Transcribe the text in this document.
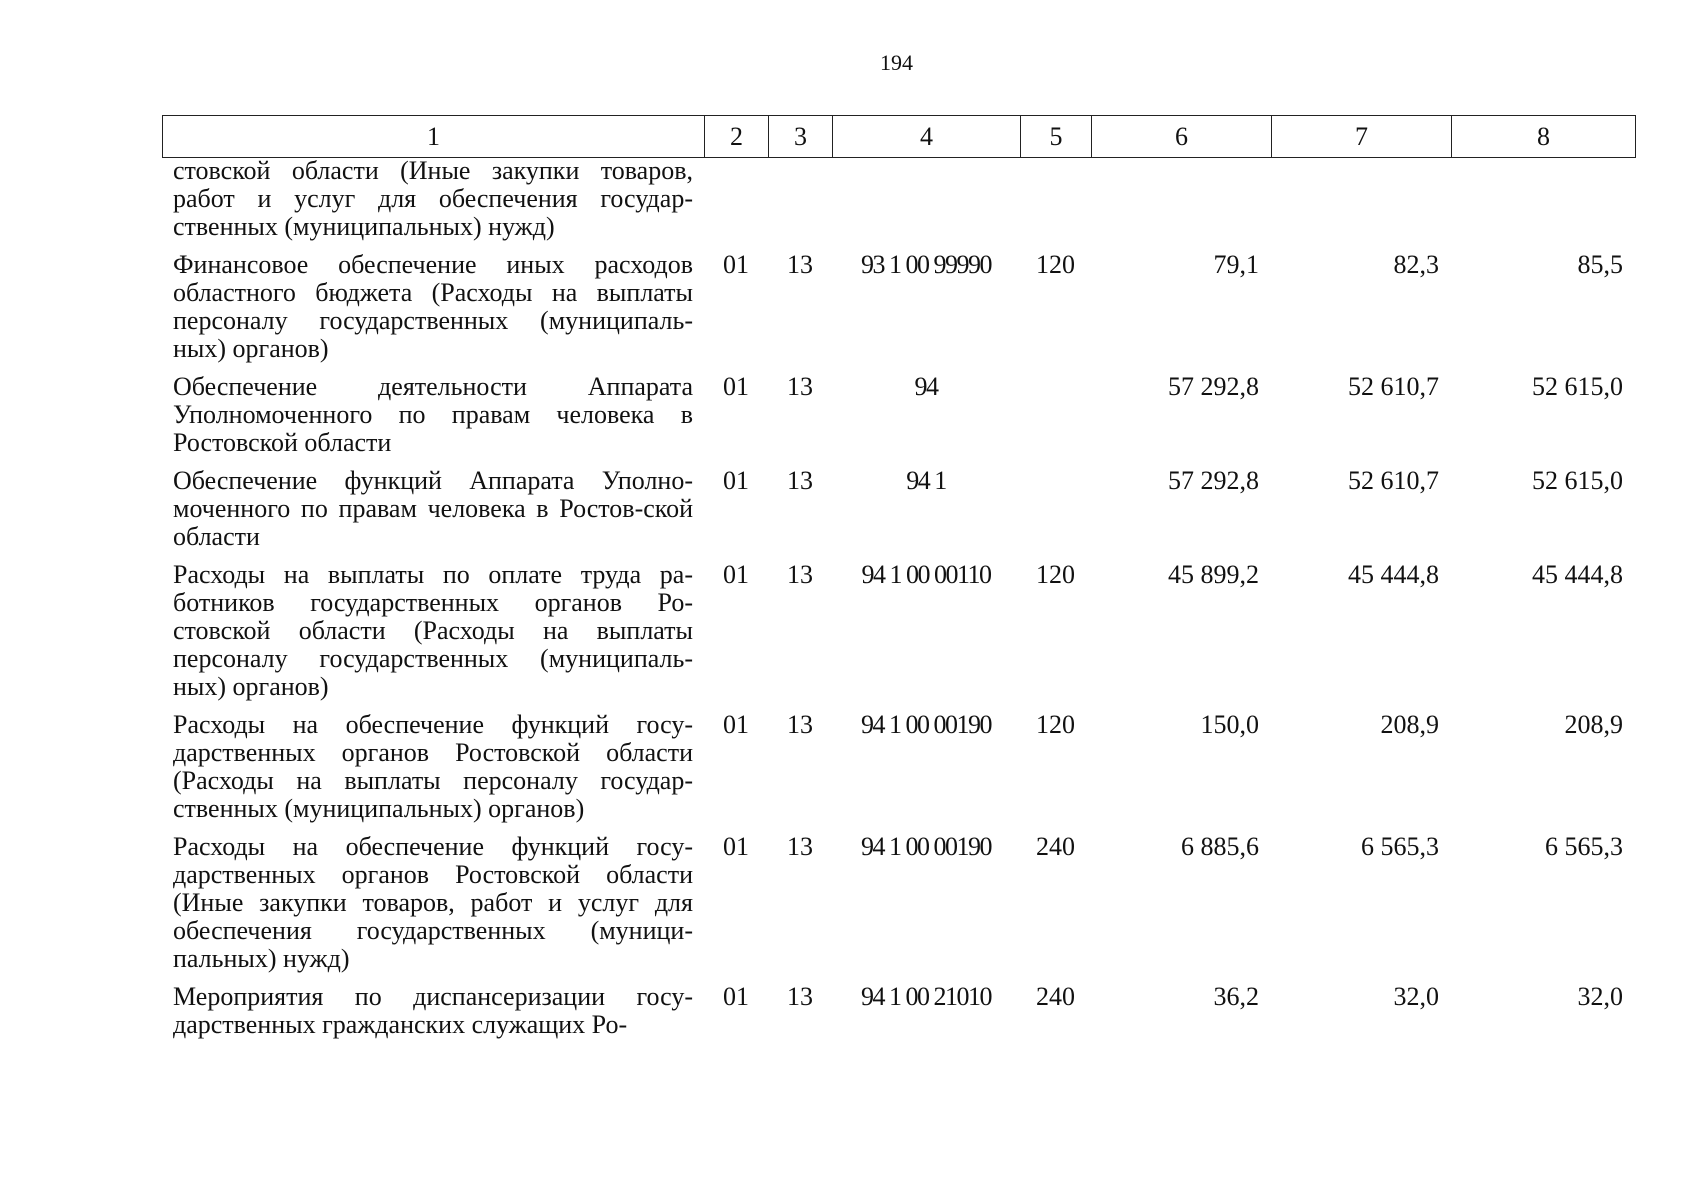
194
1	2	3	4	5	6	7	8
стовской области (Иные закупки товаров, работ и услуг для обеспечения государ-ственных (муниципальных) нужд)							
Финансовое обеспечение иных расходов областного бюджета (Расходы на выплаты персоналу государственных (муниципаль-ных) органов)	01	13	93 1 00 99990	120	79,1	82,3	85,5
Обеспечение деятельности Аппарата Уполномоченного по правам человека в Ростовской области	01	13	94		57 292,8	52 610,7	52 615,0
Обеспечение функций Аппарата Уполно-моченного по правам человека в Ростов-ской области	01	13	94 1		57 292,8	52 610,7	52 615,0
Расходы на выплаты по оплате труда ра-ботников государственных органов Ро-стовской области (Расходы на выплаты персоналу государственных (муниципаль-ных) органов)	01	13	94 1 00 00110	120	45 899,2	45 444,8	45 444,8
Расходы на обеспечение функций госу-дарственных органов Ростовской области (Расходы на выплаты персоналу государ-ственных (муниципальных) органов)	01	13	94 1 00 00190	120	150,0	208,9	208,9
Расходы на обеспечение функций госу-дарственных органов Ростовской области (Иные закупки товаров, работ и услуг для обеспечения государственных (муници-пальных) нужд)	01	13	94 1 00 00190	240	6 885,6	6 565,3	6 565,3
Мероприятия по диспансеризации госу-дарственных гражданских служащих Ро-	01	13	94 1 00 21010	240	36,2	32,0	32,0
